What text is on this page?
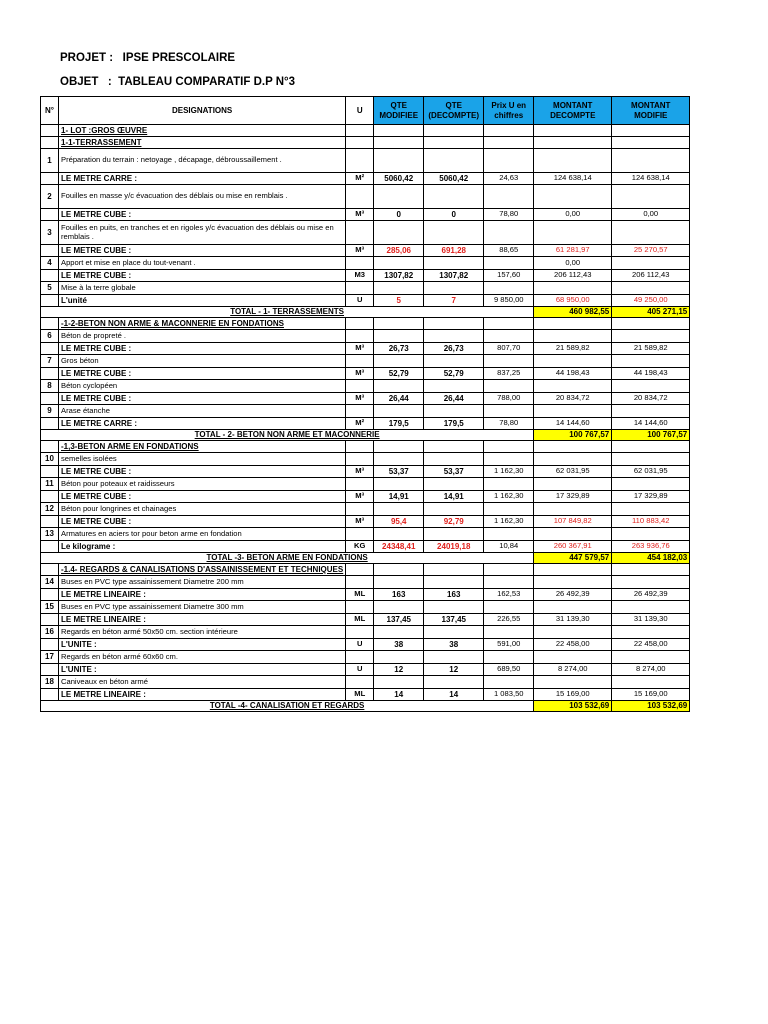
PROJET :   IPSE PRESCOLAIRE
OBJET   :  TABLEAU COMPARATIF D.P N°3
N°	DESIGNATIONS	U	QTE MODIFIEE	QTE (DECOMPTE)	Prix U en chiffres	MONTANT DECOMPTE	MONTANT MODIFIE
	1- LOT :GROS ŒUVRE						
	1-1-TERRASSEMENT						
1	Préparation du terrain : netoyage , décapage, débroussaillement .						
	LE METRE CARRE :	M²	5060,42	5060,42	24,63	124 638,14	124 638,14
2	Fouilles en masse y/c évacuation des déblais ou mise en remblais .						
	LE METRE CUBE :	M³	0	0	78,80	0,00	0,00
3	Fouilles en puits, en tranches et en rigoles y/c évacuation des déblais ou mise en remblais .						
	LE METRE CUBE :	M³	285,06	691,28	88,65	61 281,97	25 270,57
4	Apport et mise en place du tout-venant .					0,00	
	LE METRE CUBE :	M3	1307,82	1307,82	157,60	206 112,43	206 112,43
5	Mise à la terre globale						
	L'unité	U	5	7	9 850,00	68 950,00	49 250,00
TOTAL - 1- TERRASSEMENTS						460 982,55	405 271,15
	-1-2-BETON NON ARME & MACONNERIE EN FONDATIONS						
6	Béton de propreté .						
	LE METRE CUBE :	M³	26,73	26,73	807,70	21 589,82	21 589,82
7	Gros béton						
	LE METRE CUBE :	M³	52,79	52,79	837,25	44 198,43	44 198,43
8	Béton cyclopéen						
	LE METRE CUBE :	M³	26,44	26,44	788,00	20 834,72	20 834,72
9	Arase étanche						
	LE METRE CARRE :	M²	179,5	179,5	78,80	14 144,60	14 144,60
TOTAL - 2- BETON NON ARME ET MACONNERIE						100 767,57	100 767,57
	-1,3-BETON ARME EN FONDATIONS						
10	semelles isolées						
	LE METRE CUBE :	M³	53,37	53,37	1 162,30	62 031,95	62 031,95
11	Béton pour poteaux et raidisseurs						
	LE METRE CUBE :	M³	14,91	14,91	1 162,30	17 329,89	17 329,89
12	Béton pour longrines et chainages						
	LE METRE CUBE :	M³	95,4	92,79	1 162,30	107 849,82	110 883,42
13	Armatures en aciers tor pour beton arme en fondation						
	Le kilograme :	KG	24348,41	24019,18	10,84	260 367,91	263 936,76
TOTAL -3- BETON ARME EN FONDATIONS						447 579,57	454 182,03
	-1.4- REGARDS & CANALISATIONS D'ASSAINISSEMENT ET TECHNIQUES						
14	Buses en PVC type assainissement Diametre 200 mm						
	LE METRE LINEAIRE :	ML	163	163	162,53	26 492,39	26 492,39
15	Buses en PVC type assainissement Diametre 300 mm						
	LE METRE LINEAIRE :	ML	137,45	137,45	226,55	31 139,30	31 139,30
16	Regards en béton armé 50x50 cm. section intérieure						
	L'UNITE :	U	38	38	591,00	22 458,00	22 458,00
17	Regards en béton armé 60x60 cm.						
	L'UNITE :	U	12	12	689,50	8 274,00	8 274,00
18	Caniveaux en béton armé						
	LE METRE LINEAIRE :	ML	14	14	1 083,50	15 169,00	15 169,00
TOTAL -4- CANALISATION ET REGARDS						103 532,69	103 532,69
